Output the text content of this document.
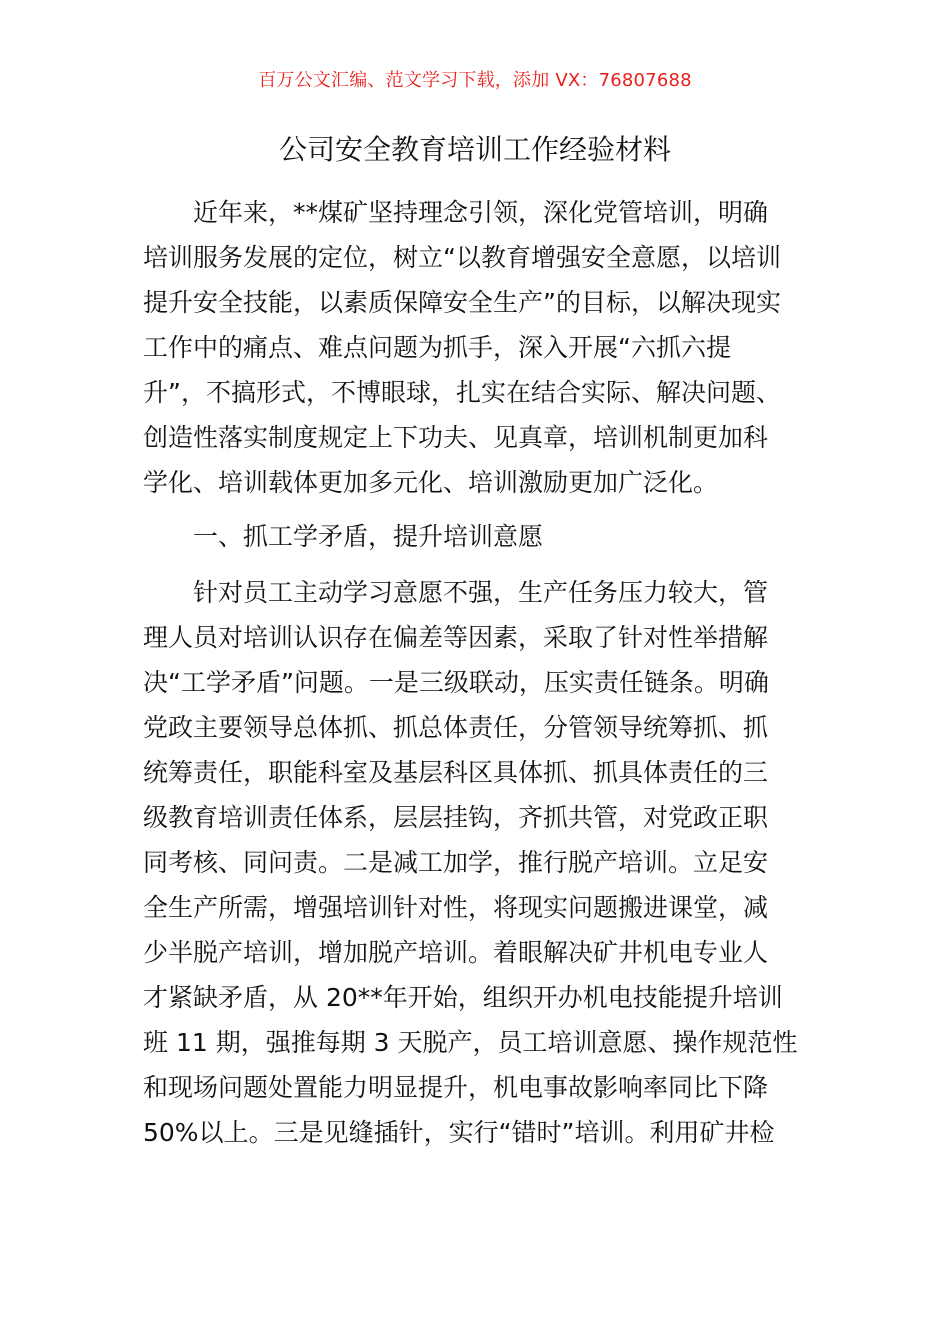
百万公文汇编、范文学习下载，添加 VX：76807688
公司安全教育培训工作经验材料
近年来，**煤矿坚持理念引领，深化党管培训，明确
培训服务发展的定位，树立“以教育增强安全意愿，以培训
提升安全技能，以素质保障安全生产”的目标，以解决现实
工作中的痛点、难点问题为抓手，深入开展“六抓六提
升”，不搞形式，不博眼球，扎实在结合实际、解决问题、
创造性落实制度规定上下功夫、见真章，培训机制更加科
学化、培训载体更加多元化、培训激励更加广泛化。
一、抓工学矛盾，提升培训意愿
针对员工主动学习意愿不强，生产任务压力较大，管
理人员对培训认识存在偏差等因素，采取了针对性举措解
决“工学矛盾”问题。一是三级联动，压实责任链条。明确
党政主要领导总体抓、抓总体责任，分管领导统筹抓、抓
统筹责任，职能科室及基层科区具体抓、抓具体责任的三
级教育培训责任体系，层层挂钩，齐抓共管，对党政正职
同考核、同问责。二是减工加学，推行脱产培训。立足安
全生产所需，增强培训针对性，将现实问题搬进课堂，减
少半脱产培训，增加脱产培训。着眼解决矿井机电专业人
才紧缺矛盾，从 20**年开始，组织开办机电技能提升培训
班 11 期，强推每期 3 天脱产，员工培训意愿、操作规范性
和现场问题处置能力明显提升，机电事故影响率同比下降
50%以上。三是见缝插针，实行“错时”培训。利用矿井检
